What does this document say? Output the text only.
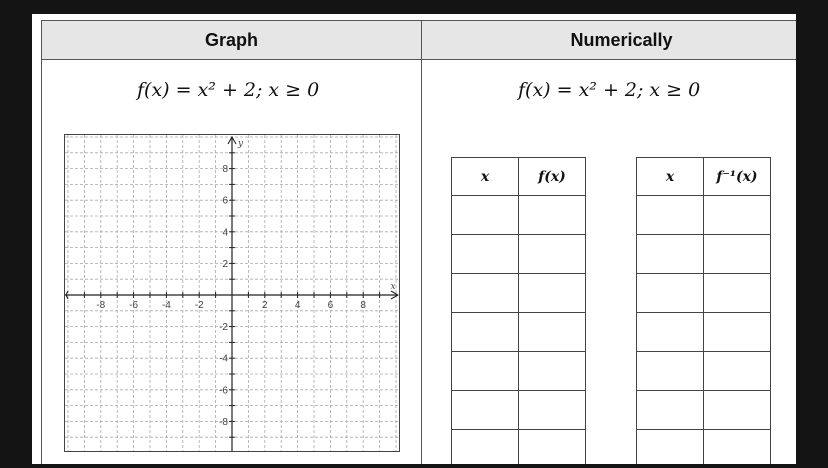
Graph	Numerically
f(x) = x² + 2; x ≥ 0	f(x) = x² + 2; x ≥ 0
-8 -6 -4 -2	2	4	6	8
8
6
4
2
-2
-4
-6
-8
x
y
x	f(x)

		x	f⁻¹(x)
